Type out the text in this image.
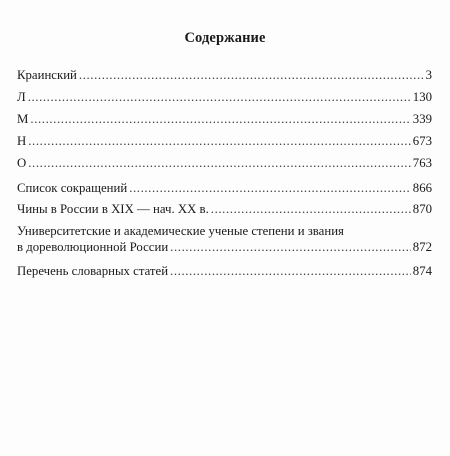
Содержание
Краинский . . .	3
Л . . .	130
М . . .	339
Н . . .	673
О . . .	763
Список сокращений . . .	866
Чины в России в XIX — нач. XX в. . . .	870
Университетские и академические ученые степени и звания
в дореволюционной России . . .	872
Перечень словарных статей . . .	874
